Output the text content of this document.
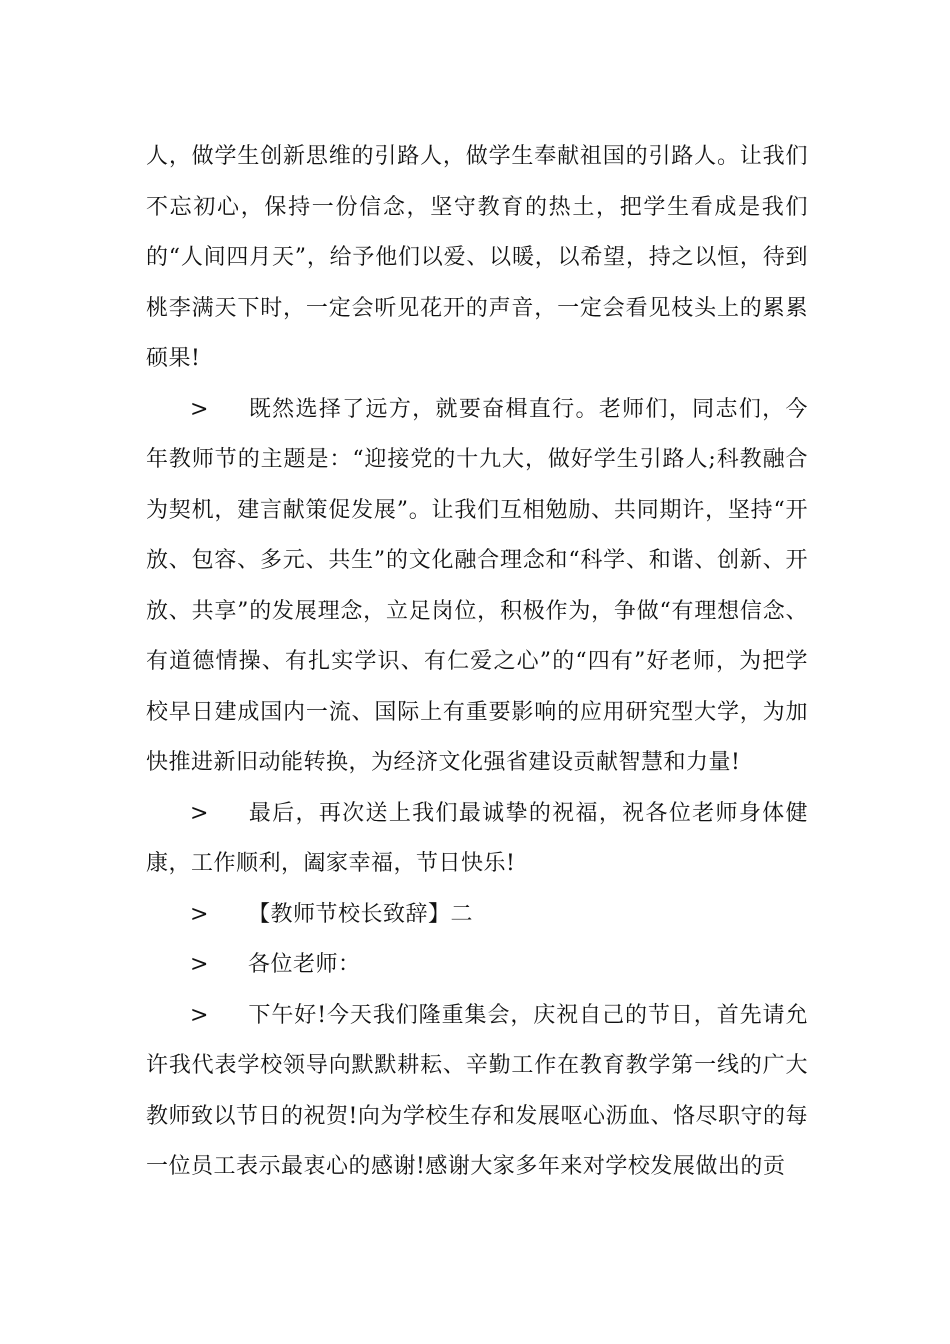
人，做学生创新思维的引路人，做学生奉献祖国的引路人。让我们不忘初心，保持一份信念，坚守教育的热土，把学生看成是我们的“人间四月天”，给予他们以爱、以暖，以希望，持之以恒，待到桃李满天下时，一定会听见花开的声音，一定会看见枝头上的累累硕果!

> 既然选择了远方，就要奋楫直行。老师们，同志们，今年教师节的主题是：“迎接党的十九大，做好学生引路人;科教融合为契机，建言献策促发展”。让我们互相勉励、共同期许，坚持“开放、包容、多元、共生”的文化融合理念和“科学、和谐、创新、开放、共享”的发展理念，立足岗位，积极作为，争做“有理想信念、有道德情操、有扎实学识、有仁爱之心”的“四有”好老师，为把学校早日建成国内一流、国际上有重要影响的应用研究型大学，为加快推进新旧动能转换，为经济文化强省建设贡献智慧和力量!

> 最后，再次送上我们最诚挚的祝福，祝各位老师身体健康，工作顺利，阖家幸福，节日快乐!

> 【教师节校长致辞】二

> 各位老师：

> 下午好!今天我们隆重集会，庆祝自己的节日，首先请允许我代表学校领导向默默耕耘、辛勤工作在教育教学第一线的广大教师致以节日的祝贺!向为学校生存和发展呕心沥血、恪尽职守的每一位员工表示最衷心的感谢!感谢大家多年来对学校发展做出的贡
